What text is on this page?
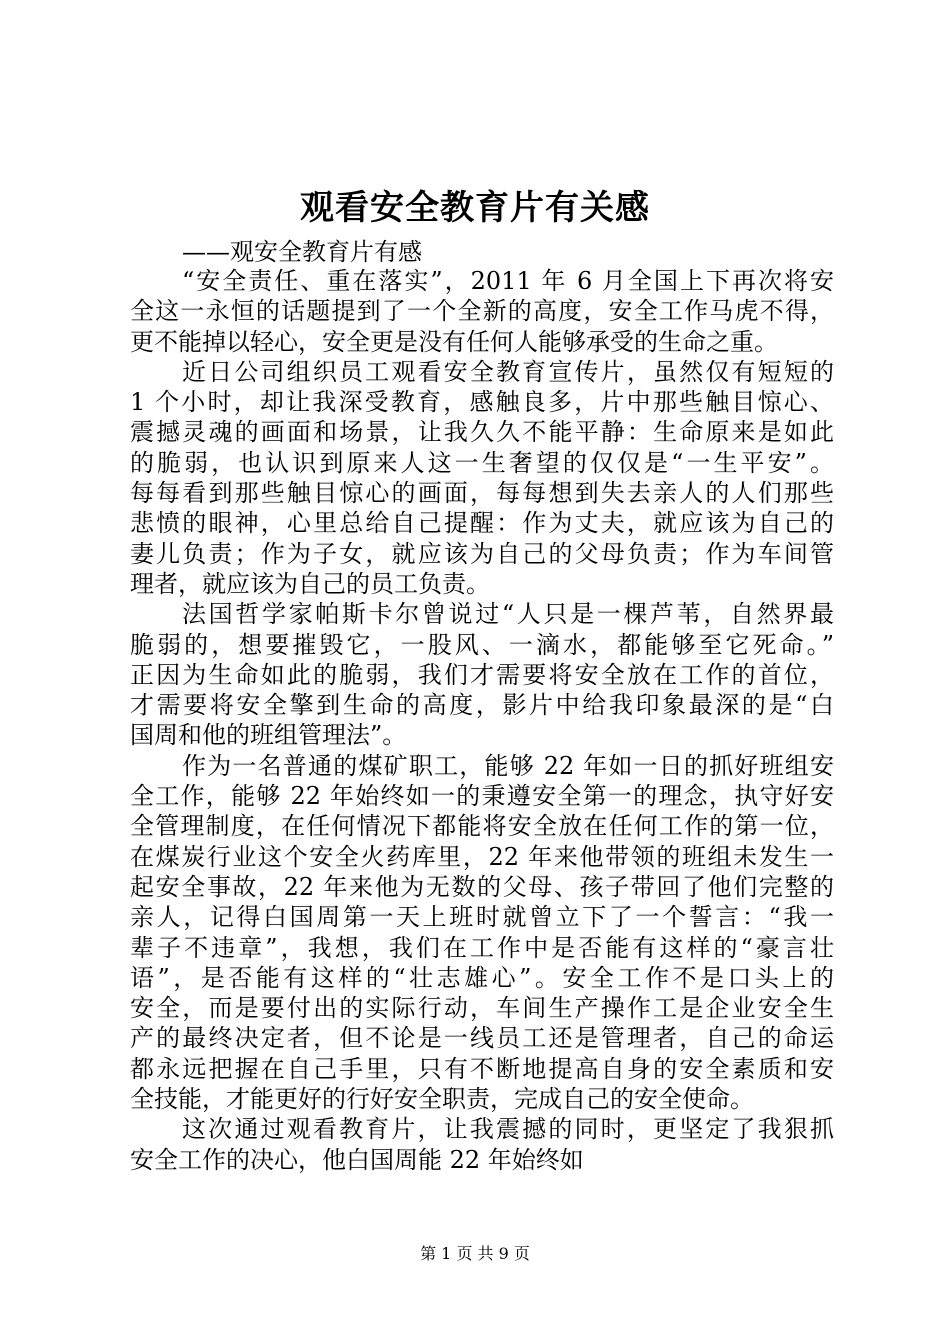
观看安全教育片有关感
——观安全教育片有感

“安全责任、重在落实”，2011 年 6 月全国上下再次将安
全这一永恒的话题提到了一个全新的高度，安全工作马虎不得，
更不能掉以轻心，安全更是没有任何人能够承受的生命之重。

近日公司组织员工观看安全教育宣传片，虽然仅有短短的
1 个小时，却让我深受教育，感触良多，片中那些触目惊心、
震撼灵魂的画面和场景，让我久久不能平静：生命原来是如此
的脆弱，也认识到原来人这一生奢望的仅仅是“一生平安”。
每每看到那些触目惊心的画面，每每想到失去亲人的人们那些
悲愤的眼神，心里总给自己提醒：作为丈夫，就应该为自己的
妻儿负责；作为子女，就应该为自己的父母负责；作为车间管
理者，就应该为自己的员工负责。

法国哲学家帕斯卡尔曾说过“人只是一棵芦苇，自然界最
脆弱的，想要摧毁它，一股风、一滴水，都能够至它死命。”
正因为生命如此的脆弱，我们才需要将安全放在工作的首位，
才需要将安全擎到生命的高度，影片中给我印象最深的是“白
国周和他的班组管理法”。

作为一名普通的煤矿职工，能够 22 年如一日的抓好班组安
全工作，能够 22 年始终如一的秉遵安全第一的理念，执守好安
全管理制度，在任何情况下都能将安全放在任何工作的第一位，
在煤炭行业这个安全火药库里，22 年来他带领的班组未发生一
起安全事故，22 年来他为无数的父母、孩子带回了他们完整的
亲人，记得白国周第一天上班时就曾立下了一个誓言：“我一
辈子不违章”，我想，我们在工作中是否能有这样的“豪言壮
语”，是否能有这样的“壮志雄心”。安全工作不是口头上的
安全，而是要付出的实际行动，车间生产操作工是企业安全生
产的最终决定者，但不论是一线员工还是管理者，自己的命运
都永远把握在自己手里，只有不断地提高自身的安全素质和安
全技能，才能更好的行好安全职责，完成自己的安全使命。

这次通过观看教育片，让我震撼的同时，更坚定了我狠抓
安全工作的决心，他白国周能 22 年始终如

第 1 页 共 9 页
